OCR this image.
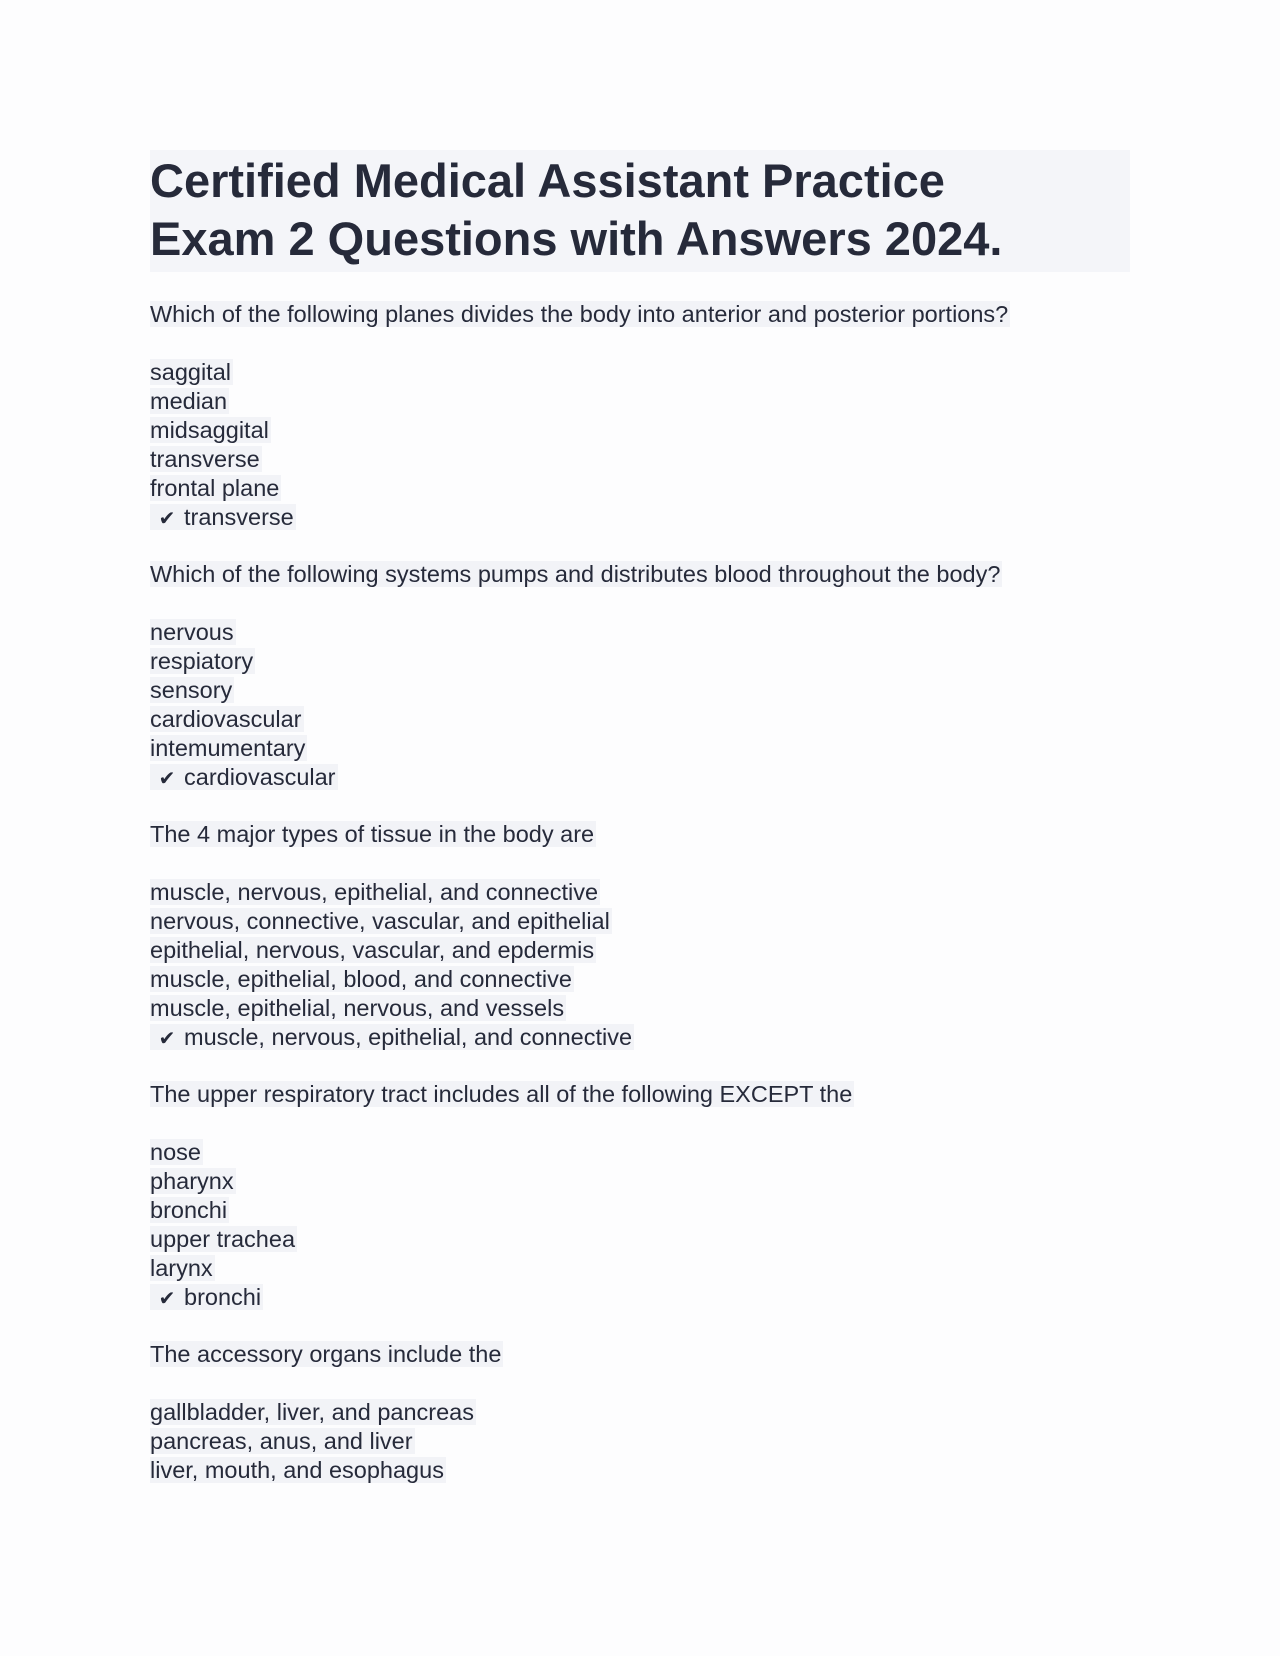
Certified Medical Assistant Practice
Exam 2 Questions with Answers 2024.
Which of the following planes divides the body into anterior and posterior portions?
saggital
median
midsaggital
transverse
frontal plane
✔ transverse
Which of the following systems pumps and distributes blood throughout the body?
nervous
respiatory
sensory
cardiovascular
intemumentary
✔ cardiovascular
The 4 major types of tissue in the body are
muscle, nervous, epithelial, and connective
nervous, connective, vascular, and epithelial
epithelial, nervous, vascular, and epdermis
muscle, epithelial, blood, and connective
muscle, epithelial, nervous, and vessels
✔ muscle, nervous, epithelial, and connective
The upper respiratory tract includes all of the following EXCEPT the
nose
pharynx
bronchi
upper trachea
larynx
✔ bronchi
The accessory organs include the
gallbladder, liver, and pancreas
pancreas, anus, and liver
liver, mouth, and esophagus
